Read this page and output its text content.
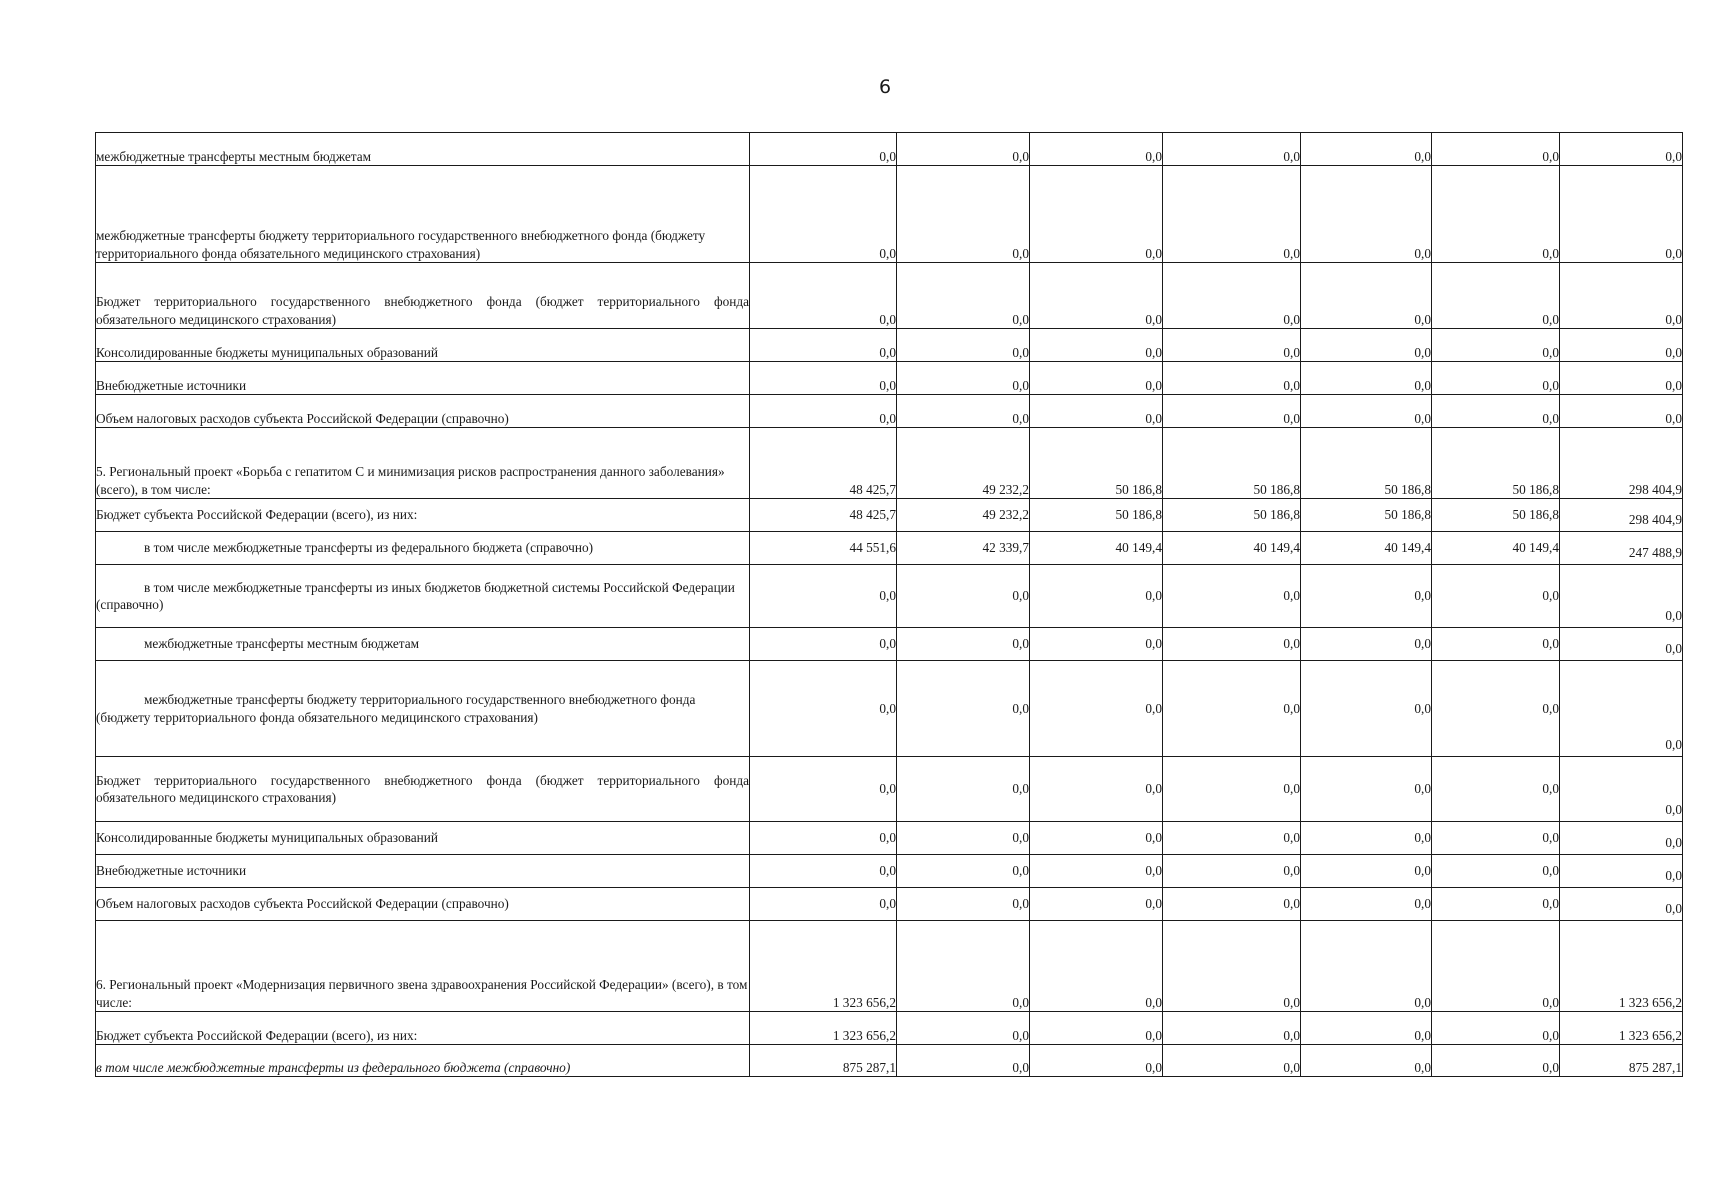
6
межбюджетные трансферты местным бюджетам	0,0	0,0	0,0	0,0	0,0	0,0	0,0
межбюджетные трансферты бюджету территориального государственного внебюджетного фонда (бюджету территориального фонда обязательного медицинского страхования)	0,0	0,0	0,0	0,0	0,0	0,0	0,0
Бюджет территориального государственного внебюджетного фонда (бюджет территориального фонда обязательного медицинского страхования)	0,0	0,0	0,0	0,0	0,0	0,0	0,0
Консолидированные бюджеты муниципальных образований	0,0	0,0	0,0	0,0	0,0	0,0	0,0
Внебюджетные источники	0,0	0,0	0,0	0,0	0,0	0,0	0,0
Объем налоговых расходов субъекта Российской Федерации (справочно)	0,0	0,0	0,0	0,0	0,0	0,0	0,0
5. Региональный проект «Борьба с гепатитом С и минимизация рисков распространения данного заболевания» (всего), в том числе:	48 425,7	49 232,2	50 186,8	50 186,8	50 186,8	50 186,8	298 404,9
Бюджет субъекта Российской Федерации (всего), из них:	48 425,7	49 232,2	50 186,8	50 186,8	50 186,8	50 186,8	298 404,9

в том числе межбюджетные трансферты из федерального бюджета (справочно)	44 551,6	42 339,7	40 149,4	40 149,4	40 149,4	40 149,4	247 488,9

в том числе межбюджетные трансферты из иных бюджетов бюджетной системы Российской Федерации (справочно)	0,0	0,0	0,0	0,0	0,0	0,0	0,0

межбюджетные трансферты местным бюджетам	0,0	0,0	0,0	0,0	0,0	0,0	0,0

межбюджетные трансферты бюджету территориального государственного внебюджетного фонда (бюджету территориального фонда обязательного медицинского страхования)	0,0	0,0	0,0	0,0	0,0	0,0	0,0
Бюджет территориального государственного внебюджетного фонда (бюджет территориального фонда обязательного медицинского страхования)	0,0	0,0	0,0	0,0	0,0	0,0	0,0
Консолидированные бюджеты муниципальных образований	0,0	0,0	0,0	0,0	0,0	0,0	0,0
Внебюджетные источники	0,0	0,0	0,0	0,0	0,0	0,0	0,0
Объем налоговых расходов субъекта Российской Федерации (справочно)	0,0	0,0	0,0	0,0	0,0	0,0	0,0
6. Региональный проект «Модернизация первичного звена здравоохранения Российской Федерации» (всего), в том числе:	1 323 656,2	0,0	0,0	0,0	0,0	0,0	1 323 656,2
Бюджет субъекта Российской Федерации (всего), из них:	1 323 656,2	0,0	0,0	0,0	0,0	0,0	1 323 656,2
в том числе межбюджетные трансферты из федерального бюджета (справочно)	875 287,1	0,0	0,0	0,0	0,0	0,0	875 287,1
